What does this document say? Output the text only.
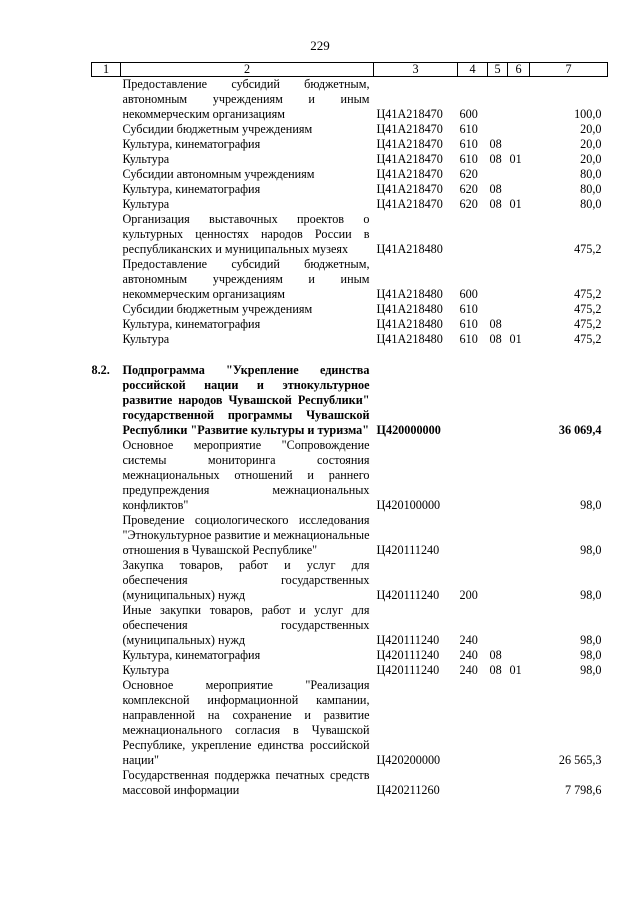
229
1	2	3	4	5	6	7
	Предоставление субсидий бюджетным, автономным учреждениям и иным некоммерческим организациям	Ц41А218470	600			100,0
	Субсидии бюджетным учреждениям	Ц41А218470	610			20,0
	Культура, кинематография	Ц41А218470	610	08		20,0
	Культура	Ц41А218470	610	08	01	20,0
	Субсидии автономным учреждениям	Ц41А218470	620			80,0
	Культура, кинематография	Ц41А218470	620	08		80,0
	Культура	Ц41А218470	620	08	01	80,0
	Организация выставочных проектов о культурных ценностях народов России в республиканских и муниципальных музеях	Ц41А218480				475,2
	Предоставление субсидий бюджетным, автономным учреждениям и иным некоммерческим организациям	Ц41А218480	600			475,2
	Субсидии бюджетным учреждениям	Ц41А218480	610			475,2
	Культура, кинематография	Ц41А218480	610	08		475,2
	Культура	Ц41А218480	610	08	01	475,2

8.2.	Подпрограмма "Укрепление единства российской нации и этнокультурное развитие народов Чувашской Республики" государственной программы Чувашской Республики "Развитие культуры и туризма"	Ц420000000				36 069,4
	Основное мероприятие "Сопровождение системы мониторинга состояния межнациональных отношений и раннего предупреждения межнациональных конфликтов"	Ц420100000				98,0
	Проведение социологического исследования "Этнокультурное развитие и межнациональные отношения в Чувашской Республике"	Ц420111240				98,0
	Закупка товаров, работ и услуг для обеспечения государственных (муниципальных) нужд	Ц420111240	200			98,0
	Иные закупки товаров, работ и услуг для обеспечения государственных (муниципальных) нужд	Ц420111240	240			98,0
	Культура, кинематография	Ц420111240	240	08		98,0
	Культура	Ц420111240	240	08	01	98,0
	Основное мероприятие "Реализация комплексной информационной кампании, направленной на сохранение и развитие межнационального согласия в Чувашской Республике, укрепление единства российской нации"	Ц420200000				26 565,3
	Государственная поддержка печатных средств массовой информации	Ц420211260				7 798,6
